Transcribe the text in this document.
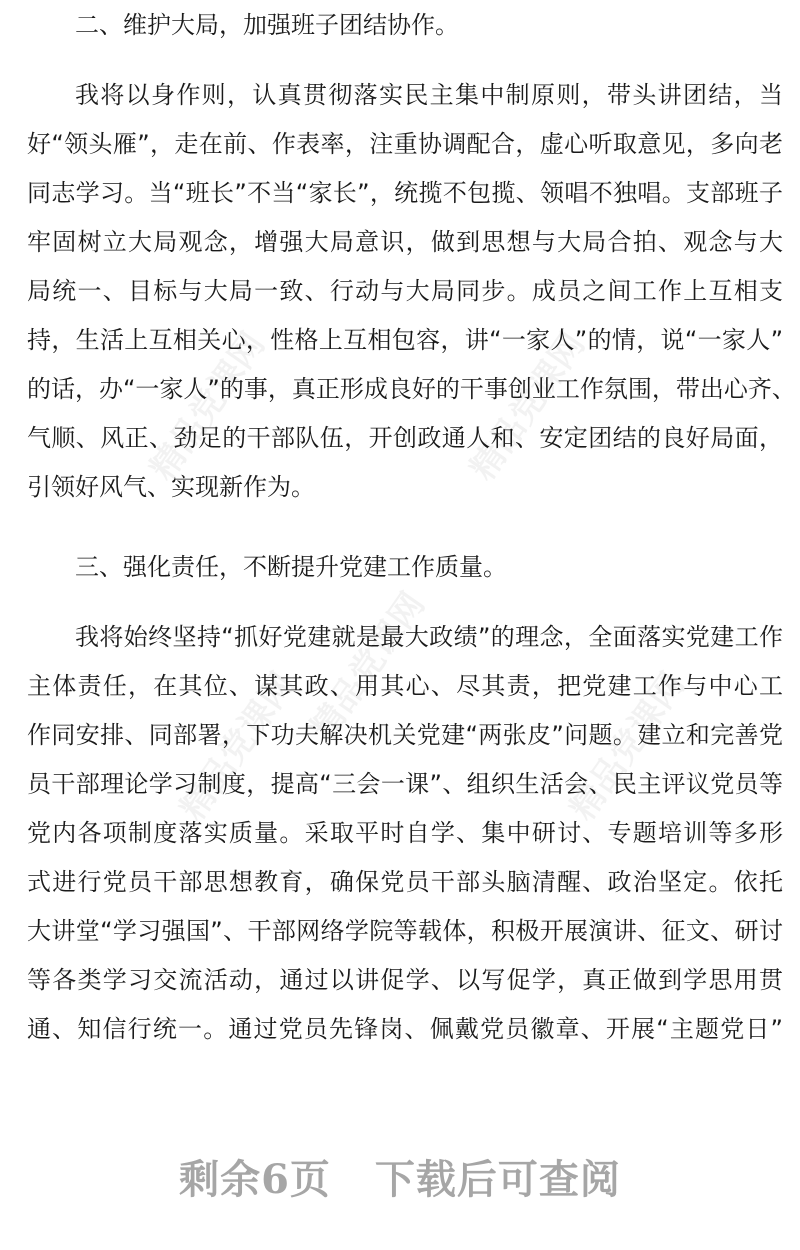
精品党课网	精品党课网
精品党课网
精品党课网	精品党课网
二、维护大局，加强班子团结协作。
我将以身作则，认真贯彻落实民主集中制原则，带头讲团结，当
好“领头雁”，走在前、作表率，注重协调配合，虚心听取意见，多向老
同志学习。当“班长”不当“家长”，统揽不包揽、领唱不独唱。支部班子
牢固树立大局观念，增强大局意识，做到思想与大局合拍、观念与大
局统一、目标与大局一致、行动与大局同步。成员之间工作上互相支
持，生活上互相关心，性格上互相包容，讲“一家人”的情，说“一家人”
的话，办“一家人”的事，真正形成良好的干事创业工作氛围，带出心齐、
气顺、风正、劲足的干部队伍，开创政通人和、安定团结的良好局面，
引领好风气、实现新作为。
三、强化责任，不断提升党建工作质量。
我将始终坚持“抓好党建就是最大政绩”的理念，全面落实党建工作
主体责任，在其位、谋其政、用其心、尽其责，把党建工作与中心工
作同安排、同部署，下功夫解决机关党建“两张皮”问题。建立和完善党
员干部理论学习制度，提高“三会一课”、组织生活会、民主评议党员等
党内各项制度落实质量。采取平时自学、集中研讨、专题培训等多形
式进行党员干部思想教育，确保党员干部头脑清醒、政治坚定。依托
大讲堂“学习强国”、干部网络学院等载体，积极开展演讲、征文、研讨
等各类学习交流活动，通过以讲促学、以写促学，真正做到学思用贯
通、知信行统一。通过党员先锋岗、佩戴党员徽章、开展“主题党日”
剩余6页 下载后可查阅
